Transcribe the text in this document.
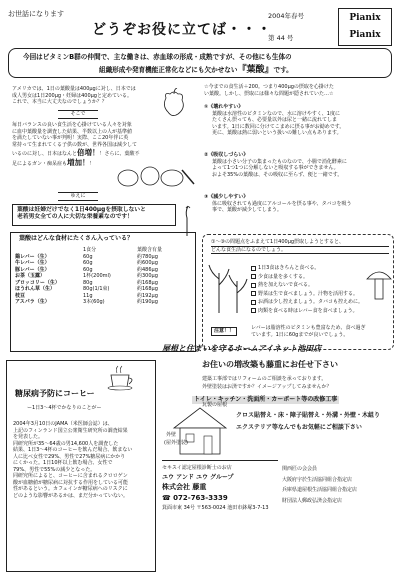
お世話になります
どうぞお役に立てば・・・
2004年春号
第 44 号
Pianix
Pianix
今回はビタミンB群の仲間で、主な働きは、赤血球の形成・成熟ですが、その他にも生体の
組織形成や発育機能正常化などにも欠かせない『葉酸』です。
アメリカでは、1日の葉酸量は400μgに対し、日本では
成人男女は1日200μg・妊婦は400μgと定めている。
これで、本当に大丈夫なのでしょうか？？
そこで
毎日バランスの良い食生活を心掛けている人々を対象
に血中葉酸量を調査した結果、半数以上の人が基準値
を満たしていない事が判明！実際、ここ20年伴に英
常持って生まれてくる子供の数が、世界各国は減少して
いるのに対し、日本はなんと倍増！！さらに、葉酸不
足によるガン・痴呆症も増加！！
ゆえに
葉酸は妊婦だけでなく1日400μgを摂取しないと
老若男女全ての人に大切な栄養素なのです！
葉酸はどんな食材にたくさん入っている？
	1食分	葉酸含有量
鶏レバー（生）	60g	約780μg
牛レバー（生）	60g	約600μg
豚レバー（生）	60g	約486μg
お茶（玉露）	1杯(200ml)	約300μg
ブロッコリー（生）	80g	約168μg
ほうれん草（生）	80g(1/1束)	約168μg
枝豆	11g	約192μg
アスパラ（生）	3本(60g)	約190μg
☆今までの食生活＋200。つまり400μgの摂取を心掛けた
い葉酸。しかし、摂取には様々な問題が隠されていた…☆
①《壊れやすい》
葉酸は水溶性のビタミンなので、水に溶けやすく、1度に
たくさん摂っても、必要量以外は尿と一緒に流れてしま
います。1日に数回に分けてこまめに摂る事がお勧めです。
更に、葉酸は熱に弱いという扱いの難しい点もあります。
②《吸収しづらい》
葉酸は小さい分子の集まったものなので、小腸で消化酵素に
よって1つ1つに分解しないと吸収する事ができません。
およそ35%の葉酸は、その吸収に至らず、便と一緒です。
③《減少しやすい》
体に吸収されても過度にアルコールを摂る事や、タバコを吸う
事で、葉酸が減少してしまう。
①〜③の問題点をふまえて1日400μg摂取しようとすると、
どんな食生活になるのでしょう。
1日3食はきちんと食べる。
少食は量を多くする。
熱を加えないで食べる。
野菜は生で食べましょう。汁物を活用する。
お酒は少し控えましょう。タバコも控えめに。
肉類を食べる時はレバー食を食べましょう。
注意！！	レバーは脂溶性のビタミンも豊富なため、食べ過ぎ
ています。1日に60gまでが良いでしょう。
糖尿病予防にコーヒー
ー1日3〜4杯でかなりのことがー
2004年3月10日のJAMA（米医師会誌）は、
上記のフィンランド国立公衆衛生研究所の調査結果
を発表した。
同研究所が35〜64歳の男14,600人を調査した
結果、1日3〜4杯のコーヒーを飲んだ場合、飲まない
人に比べ女性で29%、男性で27%糖尿病にかかり
にくかった。1日10杯以上飲む場合、女性で
79%、男性で55%の減少となった。
同研究所によると、コーヒーに含まれるクロロゲン
酸が血糖値が糖尿病に対抗する作用をしている可能
性があるという。カフェインが糖尿病へのリスクに
どのような影響があるかは、まだ分かっていない。
屋根と住まいを守るホームアイネット池田店
お住いの増改築も藤重にお任せ下さい
建築工事部ではリフォームのご相談を承っております。
外壁塗装はお済ですか？イメージアップしてみませんか？
トイレ・キッチン・洗面所・カーポート等の改修工事
瓦製の屋根
外壁
(屋外塗装)
クロス貼替え・床・障子貼替え・外溝・外壁・木組り
エクステリア等なんでもお気軽にご相談下さい
セキスイ認定屋根診断士のお店
ユウ アンド ユウ グループ
株式会社 藤重
☎ 072-763-3339
箕面市東 34号 〒563-0024 池田市鉢塚3-7-13
関西匠の会会員
大阪府宇於生活協同組合指定店
兵庫県道屋根生活協同組合指定店
財団法人郵政弘済会指定店
